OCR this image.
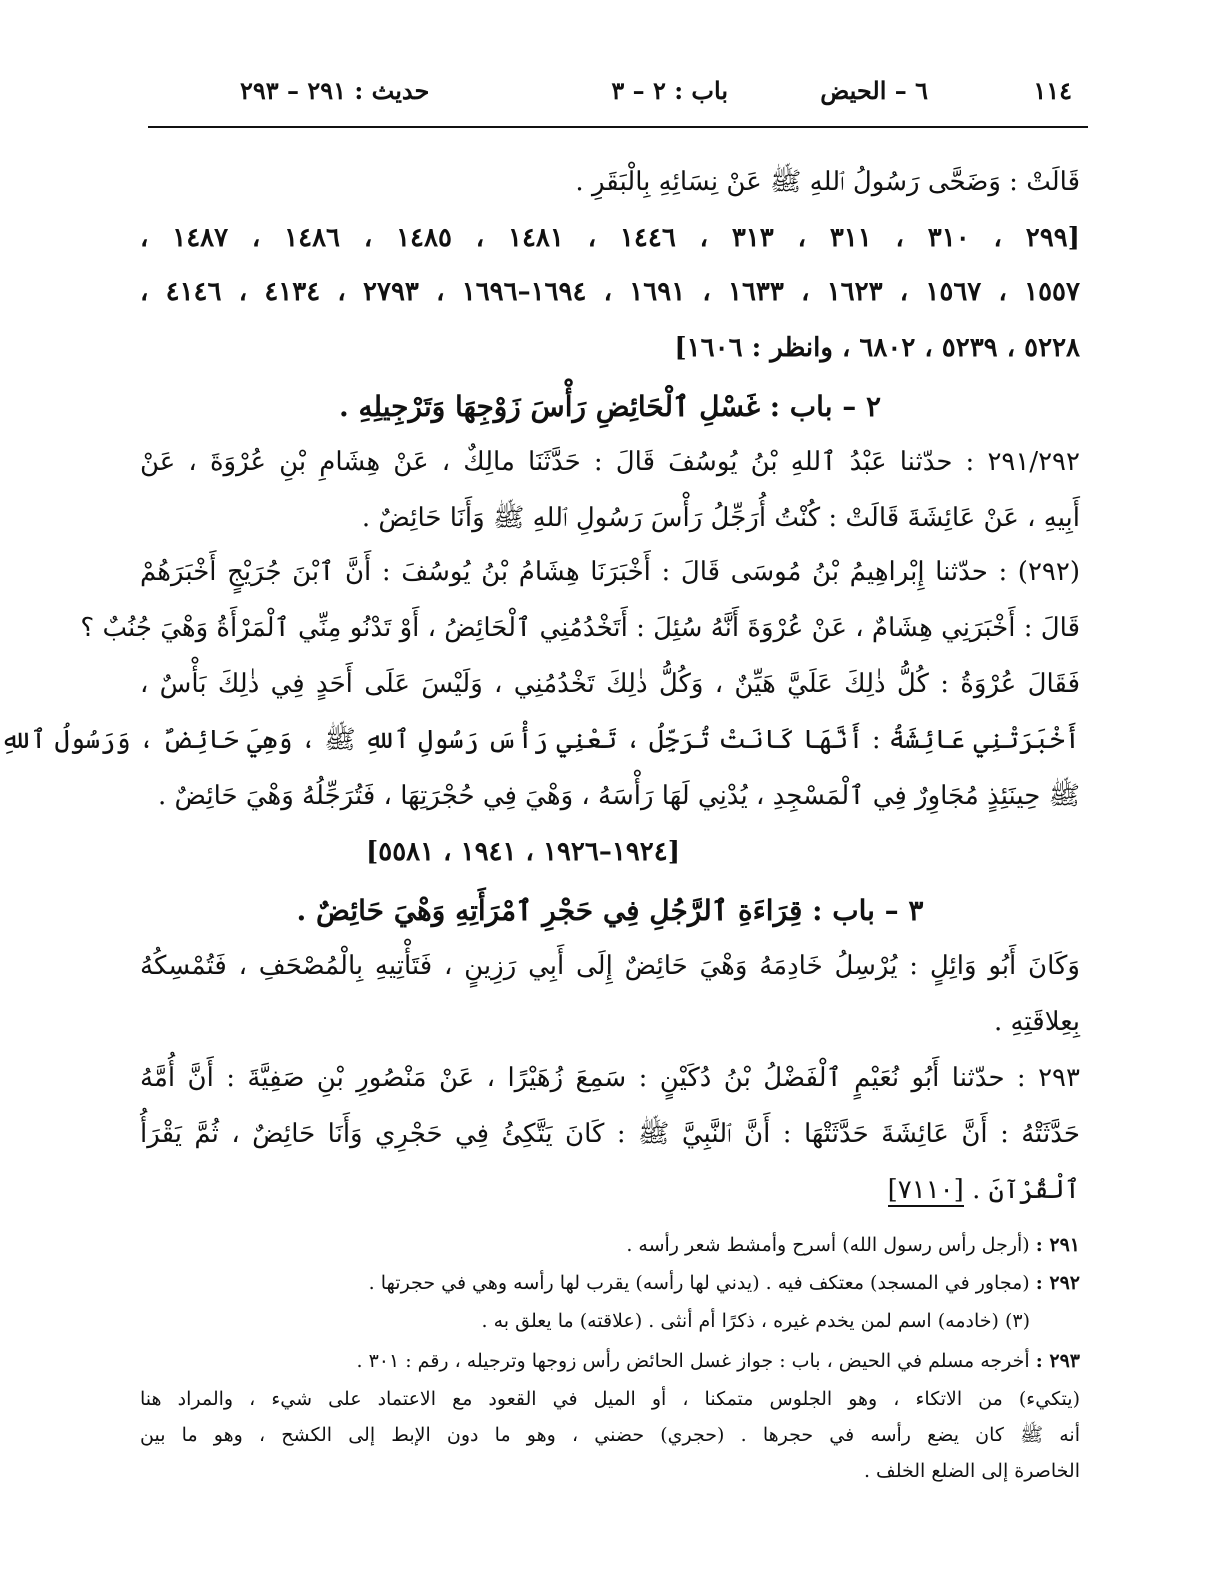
١١٤
٦ – الحيض
باب : ٢ – ٣
حديث : ٢٩١ – ٢٩٣
قَالَتْ : وَضَحَّى رَسُولُ ٱللهِ ﷺ عَنْ نِسَائِهِ بِالْبَقَرِ .
[٢٩٩ ، ٣١٠ ، ٣١١ ، ٣١٣ ، ١٤٤٦ ، ١٤٨١ ، ١٤٨٥ ، ١٤٨٦ ، ١٤٨٧ ،
١٥٥٧ ، ١٥٦٧ ، ١٦٢٣ ، ١٦٣٣ ، ١٦٩١ ، ١٦٩٤–١٦٩٦ ، ٢٧٩٣ ، ٤١٣٤ ، ٤١٤٦ ،
٥٢٢٨ ، ٥٢٣٩ ، ٦٨٠٢ ، وانظر : ١٦٠٦]
٢ – باب : غَسْلِ ٱلْحَائِضِ رَأْسَ زَوْجِهَا وَتَرْجِيلِهِ .
٢٩١/٢٩٢ : حدّثنا عَبْدُ ٱللهِ بْنُ يُوسُفَ قَالَ : حَدَّثَنَا مالِكٌ ، عَنْ هِشَامِ بْنِ عُرْوَةَ ، عَنْ
أَبِيهِ ، عَنْ عَائِشَةَ قَالَتْ : كُنْتُ أُرَجِّلُ رَأْسَ رَسُولِ ٱللهِ ﷺ وَأَنَا حَائِضٌ .
(٢٩٢) : حدّثنا إِبْراهِيمُ بْنُ مُوسَى قَالَ : أَخْبَرَنَا هِشَامُ بْنُ يُوسُفَ : أَنَّ ٱبْنَ جُرَيْجٍ أَخْبَرَهُمْ
قَالَ : أَخْبَرَنِي هِشَامٌ ، عَنْ عُرْوَةَ أَنَّهُ سُئِلَ : أَتَخْدُمُنِي ٱلْحَائِضُ ، أَوْ تَدْنُو مِنِّي ٱلْمَرْأَةُ وَهْيَ جُنُبٌ ؟
فَقَالَ عُرْوَةُ : كُلُّ ذٰلِكَ عَلَيَّ هَيِّنٌ ، وَكُلُّ ذٰلِكَ تَخْدُمُنِي ، وَلَيْسَ عَلَى أَحَدٍ فِي ذٰلِكَ بَأْسٌ ،
أَخْبَرَتْنِي عَائِشَةُ : أَنَّهَا كَانَتْ تُرَجِّلُ ، تَعْنِي رَأْسَ رَسُولِ ٱللهِ ﷺ ، وَهِيَ حَائِضٌ ، وَرَسُولُ ٱللهِ
ﷺ حِينَئِذٍ مُجَاوِرٌ فِي ٱلْمَسْجِدِ ، يُدْنِي لَهَا رَأْسَهُ ، وَهْيَ فِي حُجْرَتِهَا ، فَتُرَجِّلُهُ وَهْيَ حَائِضٌ .
[١٩٢٤–١٩٢٦ ، ١٩٤١ ، ٥٥٨١]
٣ – باب : قِرَاءَةِ ٱلرَّجُلِ فِي حَجْرِ ٱمْرَأَتِهِ وَهْيَ حَائِضٌ .
وَكَانَ أَبُو وَائِلٍ : يُرْسِلُ خَادِمَهُ وَهْيَ حَائِضٌ إِلَى أَبِي رَزِينٍ ، فَتَأْتِيهِ بِالْمُصْحَفِ ، فَتُمْسِكُهُ
بِعِلاقَتِهِ .
٢٩٣ : حدّثنا أَبُو نُعَيْمٍ ٱلْفَضْلُ بْنُ دُكَيْنٍ : سَمِعَ زُهَيْرًا ، عَنْ مَنْصُورِ بْنِ صَفِيَّةَ : أَنَّ أُمَّهُ
حَدَّثَتْهُ : أَنَّ عَائِشَةَ حَدَّثَتْهَا : أَنَّ ٱلنَّبِيَّ ﷺ : كَانَ يَتَّكِئُ فِي حَجْرِي وَأَنَا حَائِضٌ ، ثُمَّ يَقْرَأُ
ٱلْقُرْآنَ . [٧١١٠]
٢٩١ : (أرجل رأس رسول الله) أسرح وأمشط شعر رأسه .
٢٩٢ : (مجاور في المسجد) معتكف فيه . (يدني لها رأسه) يقرب لها رأسه وهي في حجرتها .
(٣) (خادمه) اسم لمن يخدم غيره ، ذكرًا أم أنثى . (علاقته) ما يعلق به .
٢٩٣ : أخرجه مسلم في الحيض ، باب : جواز غسل الحائض رأس زوجها وترجيله ، رقم : ٣٠١ .
(يتكيء) من الاتكاء ، وهو الجلوس متمكنا ، أو الميل في القعود مع الاعتماد على شيء ، والمراد هنا
أنه ﷺ كان يضع رأسه في حجرها . (حجري) حضني ، وهو ما دون الإبط إلى الكشح ، وهو ما بين
الخاصرة إلى الضلع الخلف .
